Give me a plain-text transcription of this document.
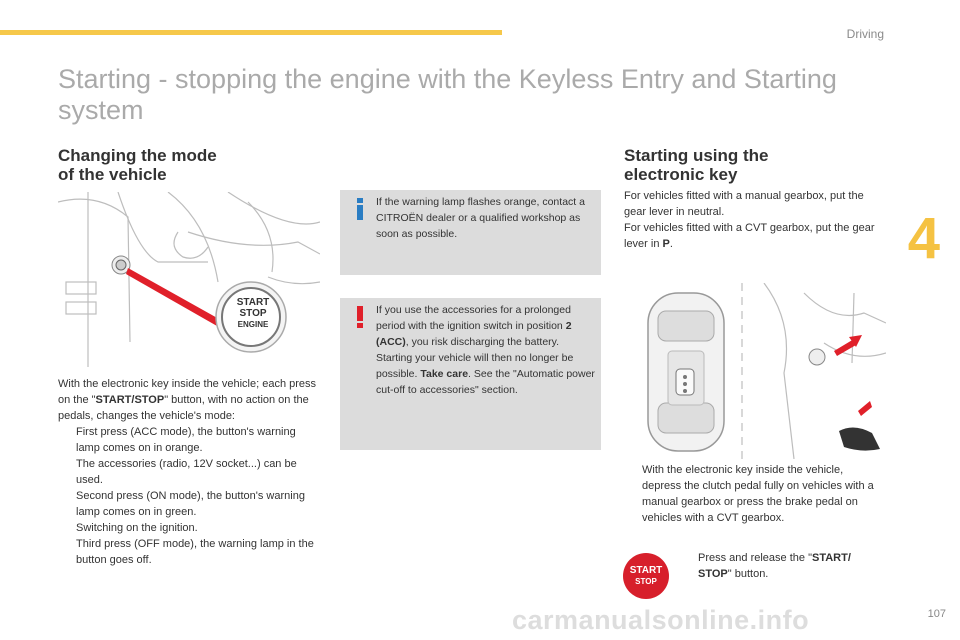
Driving
4
Starting - stopping the engine with the Keyless Entry and Starting system
Changing the mode
of the vehicle
START
STOP
ENGINE

With the electronic key inside the vehicle; each press on the "START/STOP" button, with no action on the pedals, changes the vehicle's mode:

First press (ACC mode), the button's warning lamp comes on in orange.
The accessories (radio, 12V socket...) can be used.
Second press (ON mode), the button's warning lamp comes on in green.
Switching on the ignition.
Third press (OFF mode), the warning lamp in the button goes off.
If the warning lamp flashes orange, contact a CITROËN dealer or a qualified workshop as soon as possible.
If you use the accessories for a prolonged period with the ignition switch in position 2 (ACC), you risk discharging the battery. Starting your vehicle will then no longer be possible. Take care. See the "Automatic power cut-off to accessories" section.
Starting using the
electronic key
For vehicles fitted with a manual gearbox, put the gear lever in neutral.
For vehicles fitted with a CVT gearbox, put the gear lever in P.
With the electronic key inside the vehicle, depress the clutch pedal fully on vehicles with a manual gearbox or press the brake pedal on vehicles with a CVT gearbox.
START
STOP
Press and release the "START/ STOP" button.
carmanualsonline.info	107
